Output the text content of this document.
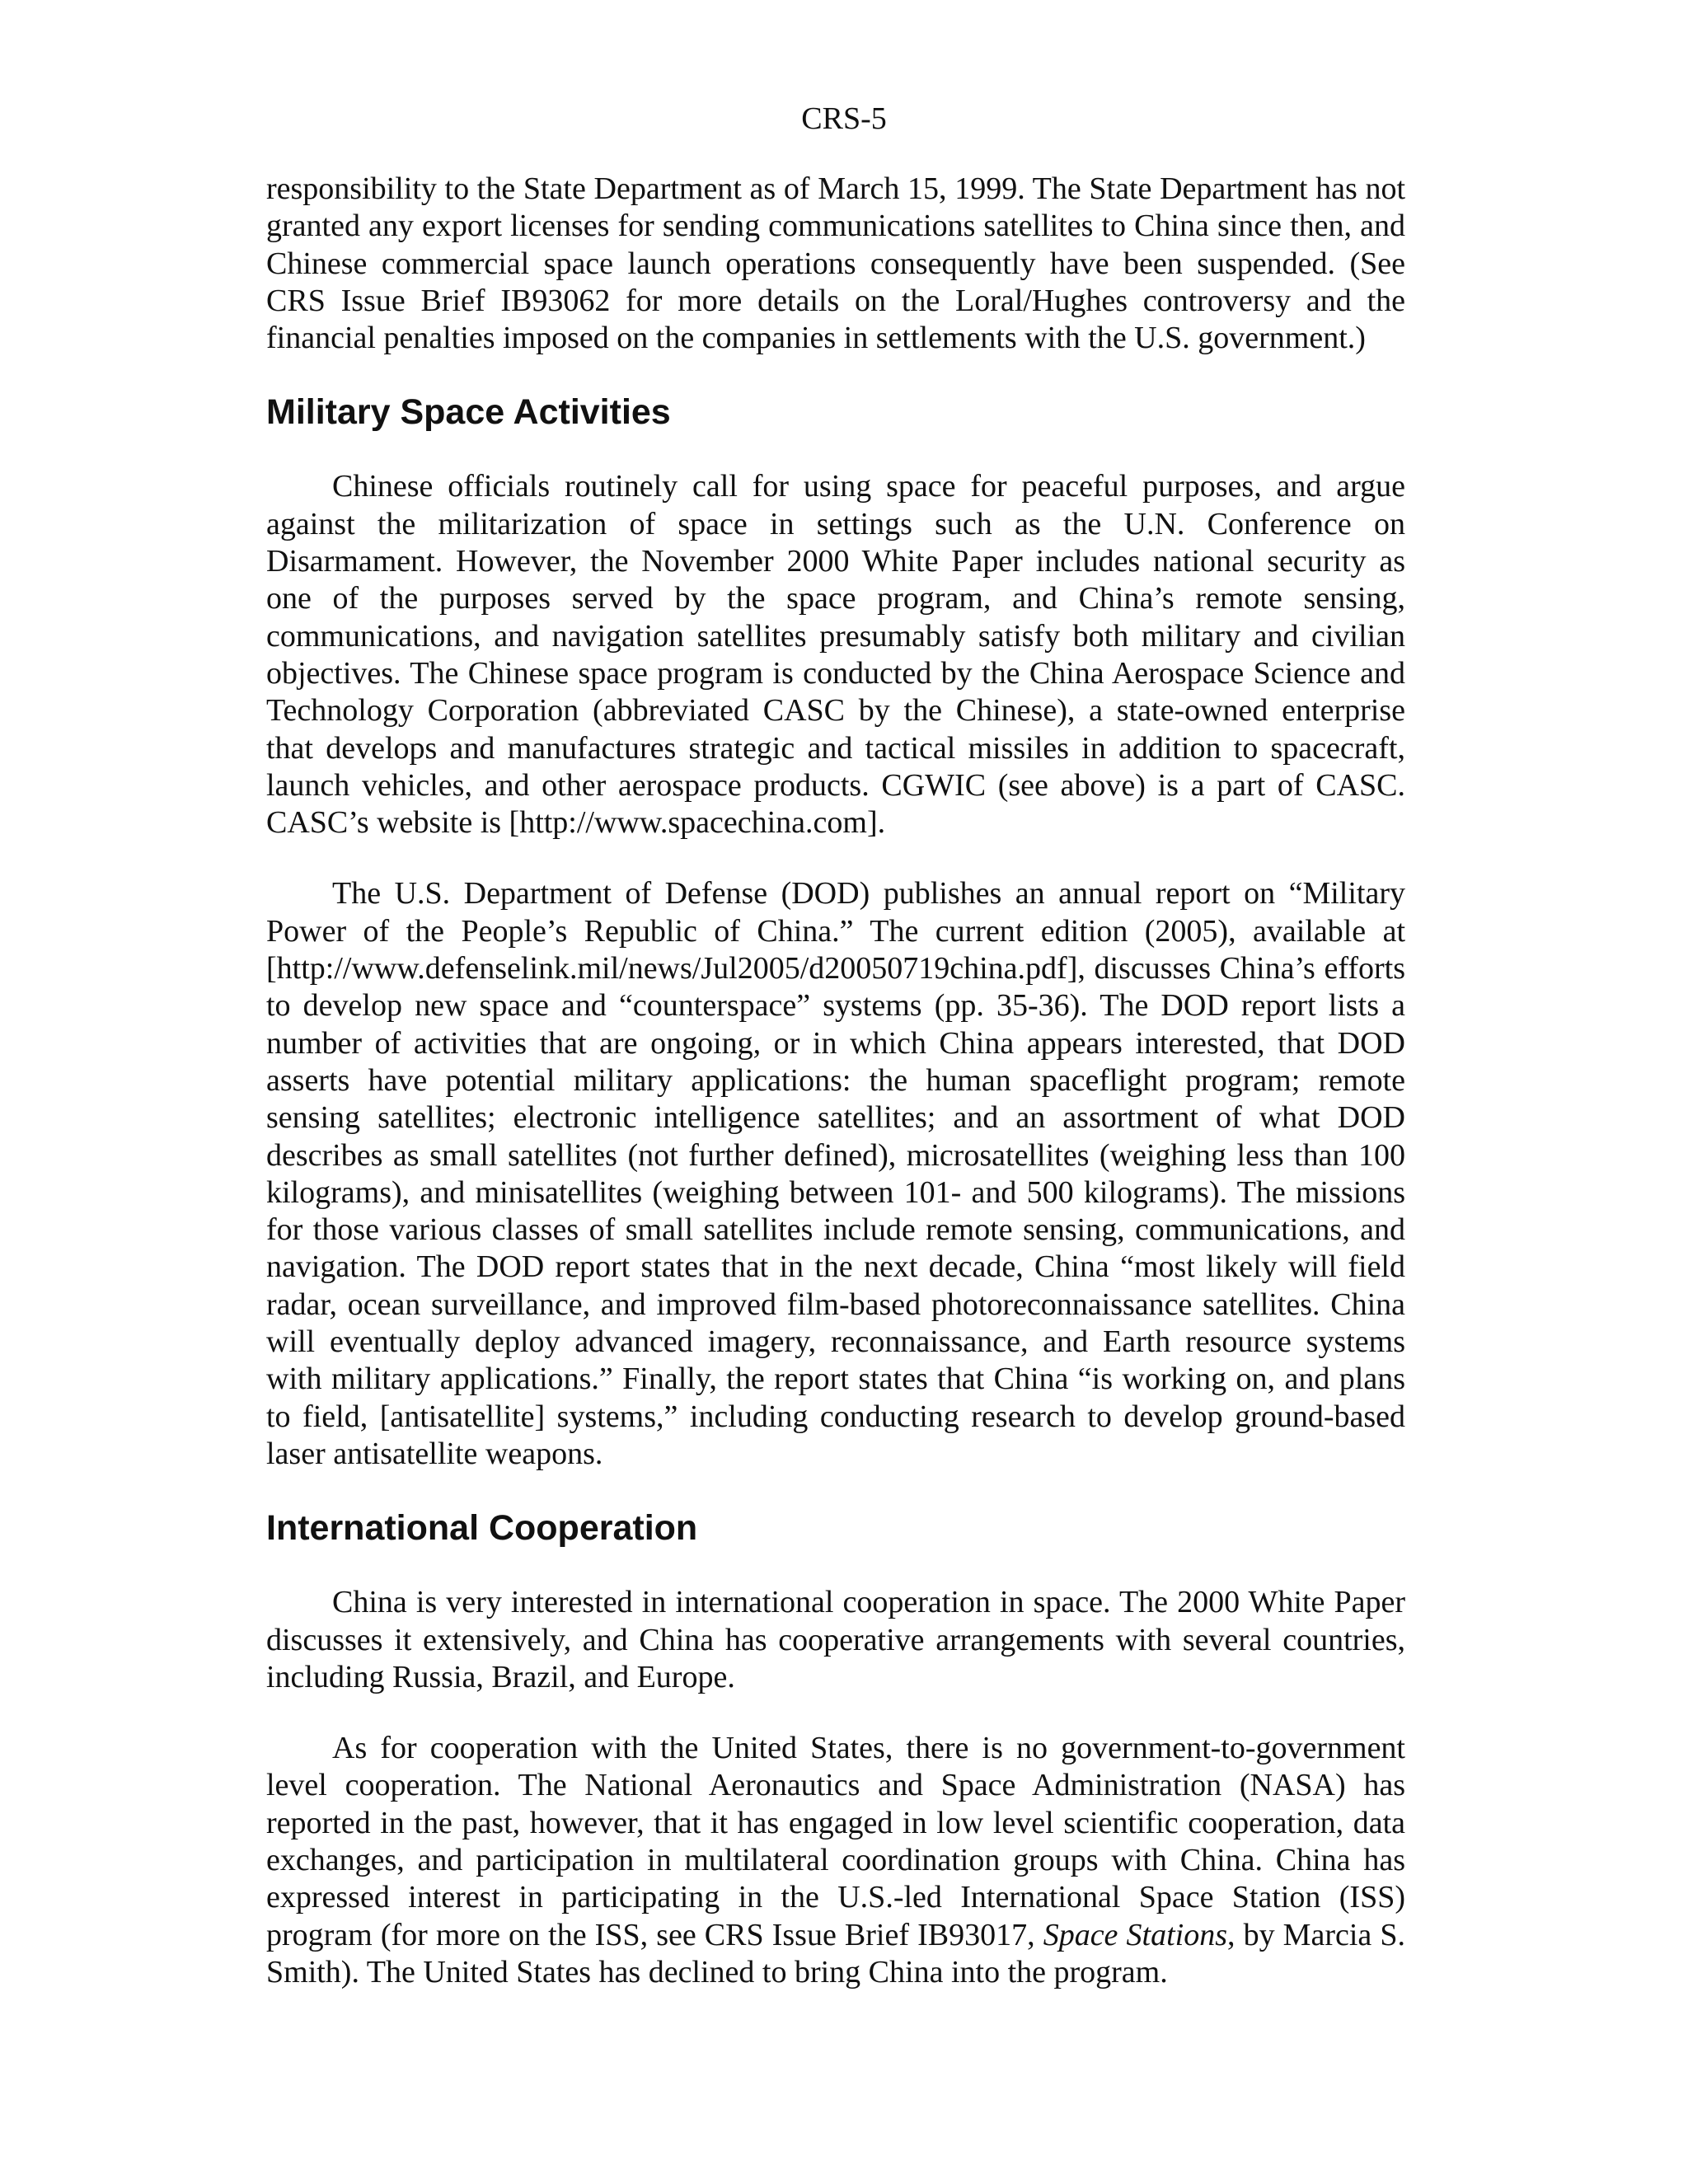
CRS-5

responsibility to the State Department as of March 15, 1999. The State Department has not granted any export licenses for sending communications satellites to China since then, and Chinese commercial space launch operations consequently have been suspended. (See CRS Issue Brief IB93062 for more details on the Loral/Hughes controversy and the financial penalties imposed on the companies in settlements with the U.S. government.)

Military Space Activities

Chinese officials routinely call for using space for peaceful purposes, and argue against the militarization of space in settings such as the U.N. Conference on Disarmament. However, the November 2000 White Paper includes national security as one of the purposes served by the space program, and China’s remote sensing, communications, and navigation satellites presumably satisfy both military and civilian objectives. The Chinese space program is conducted by the China Aerospace Science and Technology Corporation (abbreviated CASC by the Chinese), a state-owned enterprise that develops and manufactures strategic and tactical missiles in addition to spacecraft, launch vehicles, and other aerospace products. CGWIC (see above) is a part of CASC. CASC’s website is [http://www.spacechina.com].

The U.S. Department of Defense (DOD) publishes an annual report on “Military Power of the People’s Republic of China.” The current edition (2005), available at [http://www.defenselink.mil/news/Jul2005/d20050719china.pdf], discusses China’s efforts to develop new space and “counterspace” systems (pp. 35-36). The DOD report lists a number of activities that are ongoing, or in which China appears interested, that DOD asserts have potential military applications: the human spaceflight program; remote sensing satellites; electronic intelligence satellites; and an assortment of what DOD describes as small satellites (not further defined), microsatellites (weighing less than 100 kilograms), and minisatellites (weighing between 101- and 500 kilograms). The missions for those various classes of small satellites include remote sensing, communications, and navigation. The DOD report states that in the next decade, China “most likely will field radar, ocean surveillance, and improved film-based photoreconnaissance satellites. China will eventually deploy advanced imagery, reconnaissance, and Earth resource systems with military applications.” Finally, the report states that China “is working on, and plans to field, [antisatellite] systems,” including conducting research to develop ground-based laser antisatellite weapons.

International Cooperation

China is very interested in international cooperation in space. The 2000 White Paper discusses it extensively, and China has cooperative arrangements with several countries, including Russia, Brazil, and Europe.

As for cooperation with the United States, there is no government-to-government level cooperation. The National Aeronautics and Space Administration (NASA) has reported in the past, however, that it has engaged in low level scientific cooperation, data exchanges, and participation in multilateral coordination groups with China. China has expressed interest in participating in the U.S.-led International Space Station (ISS) program (for more on the ISS, see CRS Issue Brief IB93017, Space Stations, by Marcia S. Smith). The United States has declined to bring China into the program.
